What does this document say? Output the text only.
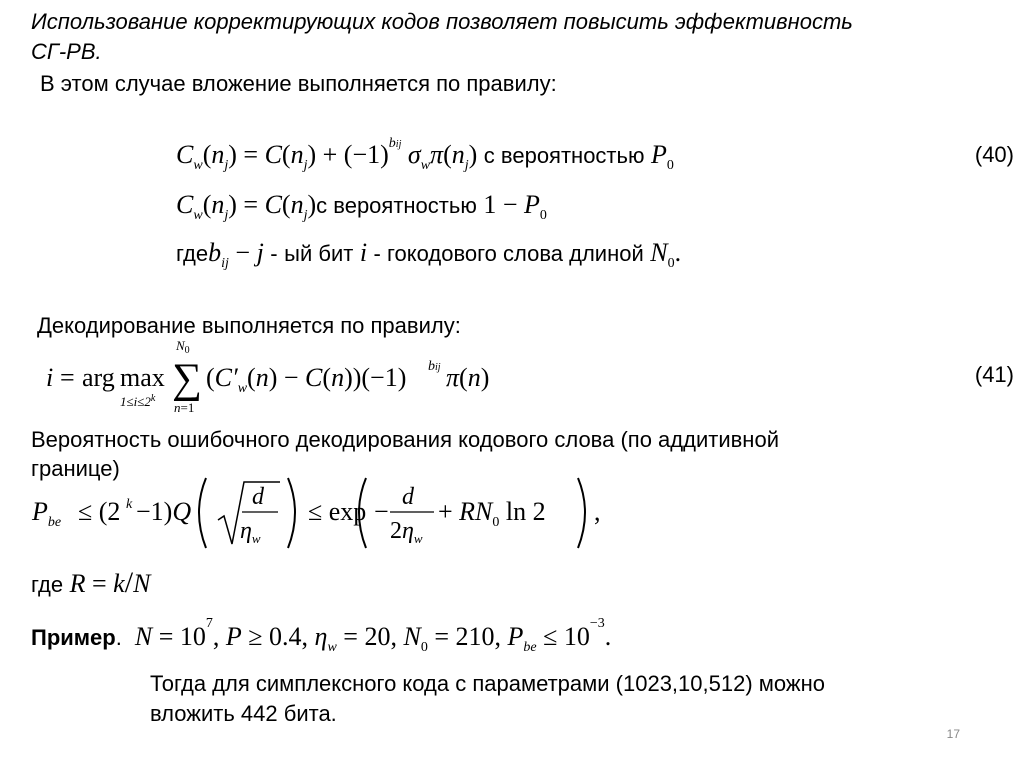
Использование корректирующих кодов позволяет повысить эффективность
СГ-РВ.
В этом случае вложение выполняется по правилу:
$C_w(n_j) = C(n_j) + (-1)^{bij}$ $\sigma_w\pi(n_j)$ с вероятностью $P_0$	(40)
$C_w(n_j) = C(n_j)с$ вероятностью $1 - P_0$
гдеb$_{ij}$ − j - ый бит i - гокодового слова длиной $N_0$.
Декодирование выполняется по правилу:
i = arg max
$1\le i\le 2^k$
$N_0$
∑
n=1
$(C'_w(n) - C(n))(-1)$ bij π(n)	(41)
Вероятность ошибочного декодирования кодового слова (по аддитивной
границе)
$P_{be} \le (2$ k −1)Q	d
$\eta_w$
≤ exp − d
$2\eta_w$
+ $RN_0$ ln 2 ,
где R = k/N
Пример. $N = 10^7$, P ≥ 0.4, $\eta_w = 20$, $N_0 = 210$, $P_{be} \le 10^{-3}$.
Тогда для симплексного кода с параметрами (1023,10,512) можно
вложить 442 бита.
17
